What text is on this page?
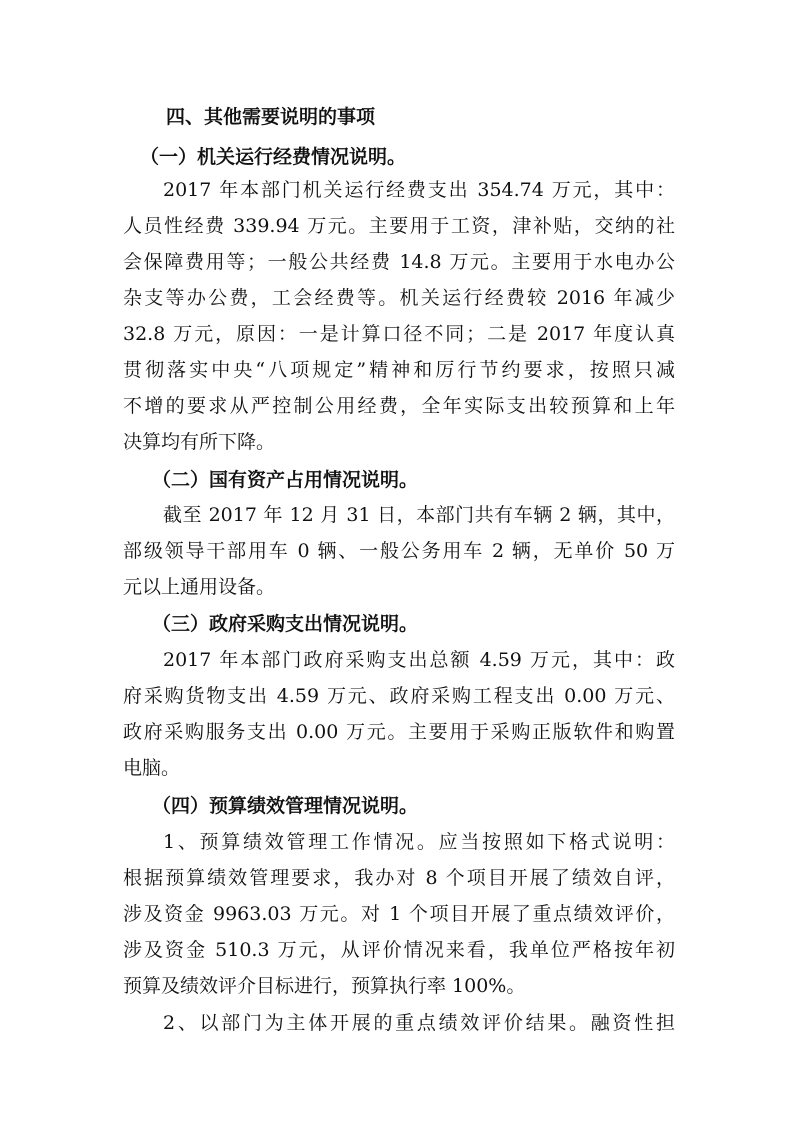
四、其他需要说明的事项
（一）机关运行经费情况说明。
2017 年本部门机关运行经费支出 354.74 万元，其中：
人员性经费 339.94 万元。主要用于工资，津补贴，交纳的社
会保障费用等；一般公共经费 14.8 万元。主要用于水电办公
杂支等办公费，工会经费等。机关运行经费较 2016 年减少
32.8 万元，原因：一是计算口径不同；二是 2017 年度认真
贯彻落实中央“八项规定”精神和厉行节约要求，按照只减
不增的要求从严控制公用经费，全年实际支出较预算和上年
决算均有所下降。
（二）国有资产占用情况说明。
截至 2017 年 12 月 31 日，本部门共有车辆 2 辆，其中，
部级领导干部用车 0 辆、一般公务用车 2 辆，无单价 50 万
元以上通用设备。
（三）政府采购支出情况说明。
2017 年本部门政府采购支出总额 4.59 万元，其中：政
府采购货物支出 4.59 万元、政府采购工程支出 0.00 万元、
政府采购服务支出 0.00 万元。主要用于采购正版软件和购置
电脑。
（四）预算绩效管理情况说明。
1、预算绩效管理工作情况。应当按照如下格式说明：
根据预算绩效管理要求，我办对 8 个项目开展了绩效自评，
涉及资金 9963.03 万元。对 1 个项目开展了重点绩效评价，
涉及资金 510.3 万元，从评价情况来看，我单位严格按年初
预算及绩效评介目标进行，预算执行率 100%。
2、以部门为主体开展的重点绩效评价结果。融资性担
